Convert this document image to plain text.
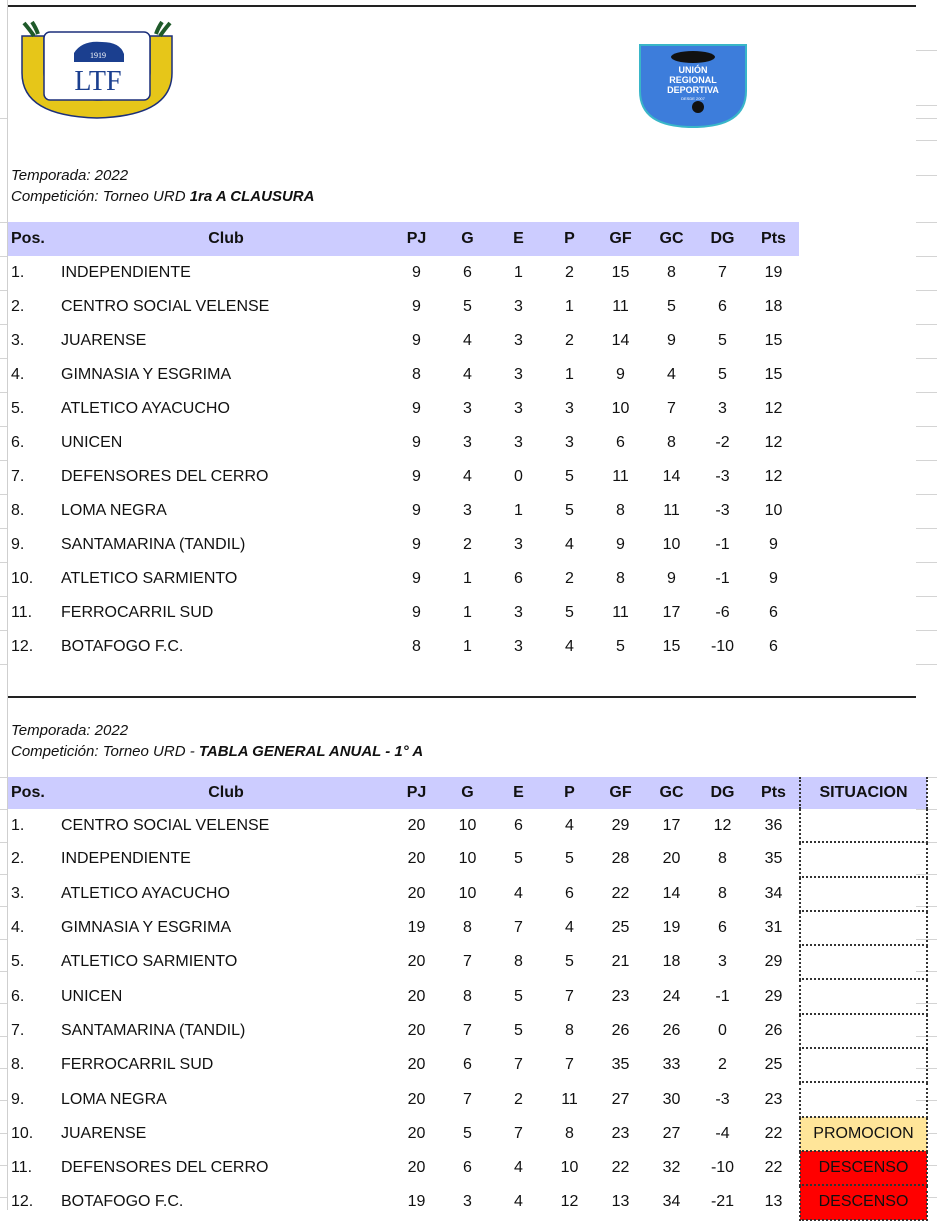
1919
LTF	UNIÓN
REGIONAL
DEPORTIVA
DESDE 2007
Temporada: 2022
Competición: Torneo URD 1ra A CLAUSURA
Pos.	Club	PJ	G	E	P	GF	GC	DG	Pts
1.	INDEPENDIENTE	9	6	1	2	15	8	7	19
2.	CENTRO SOCIAL VELENSE	9	5	3	1	11	5	6	18
3.	JUARENSE	9	4	3	2	14	9	5	15
4.	GIMNASIA Y ESGRIMA	8	4	3	1	9	4	5	15
5.	ATLETICO AYACUCHO	9	3	3	3	10	7	3	12
6.	UNICEN	9	3	3	3	6	8	-2	12
7.	DEFENSORES DEL CERRO	9	4	0	5	11	14	-3	12
8.	LOMA NEGRA	9	3	1	5	8	11	-3	10
9.	SANTAMARINA (TANDIL)	9	2	3	4	9	10	-1	9
10.	ATLETICO SARMIENTO	9	1	6	2	8	9	-1	9
11.	FERROCARRIL SUD	9	1	3	5	11	17	-6	6
12.	BOTAFOGO F.C.	8	1	3	4	5	15	-10	6
Temporada: 2022
Competición: Torneo URD - TABLA GENERAL ANUAL - 1° A
Pos.	Club	PJ	G	E	P	GF	GC	DG	Pts	SITUACION
1.	CENTRO SOCIAL VELENSE	20	10	6	4	29	17	12	36	
2.	INDEPENDIENTE	20	10	5	5	28	20	8	35	
3.	ATLETICO AYACUCHO	20	10	4	6	22	14	8	34	
4.	GIMNASIA Y ESGRIMA	19	8	7	4	25	19	6	31	
5.	ATLETICO SARMIENTO	20	7	8	5	21	18	3	29	
6.	UNICEN	20	8	5	7	23	24	-1	29	
7.	SANTAMARINA (TANDIL)	20	7	5	8	26	26	0	26	
8.	FERROCARRIL SUD	20	6	7	7	35	33	2	25	
9.	LOMA NEGRA	20	7	2	11	27	30	-3	23	
10.	JUARENSE	20	5	7	8	23	27	-4	22	PROMOCION
11.	DEFENSORES DEL CERRO	20	6	4	10	22	32	-10	22	DESCENSO
12.	BOTAFOGO F.C.	19	3	4	12	13	34	-21	13	DESCENSO
